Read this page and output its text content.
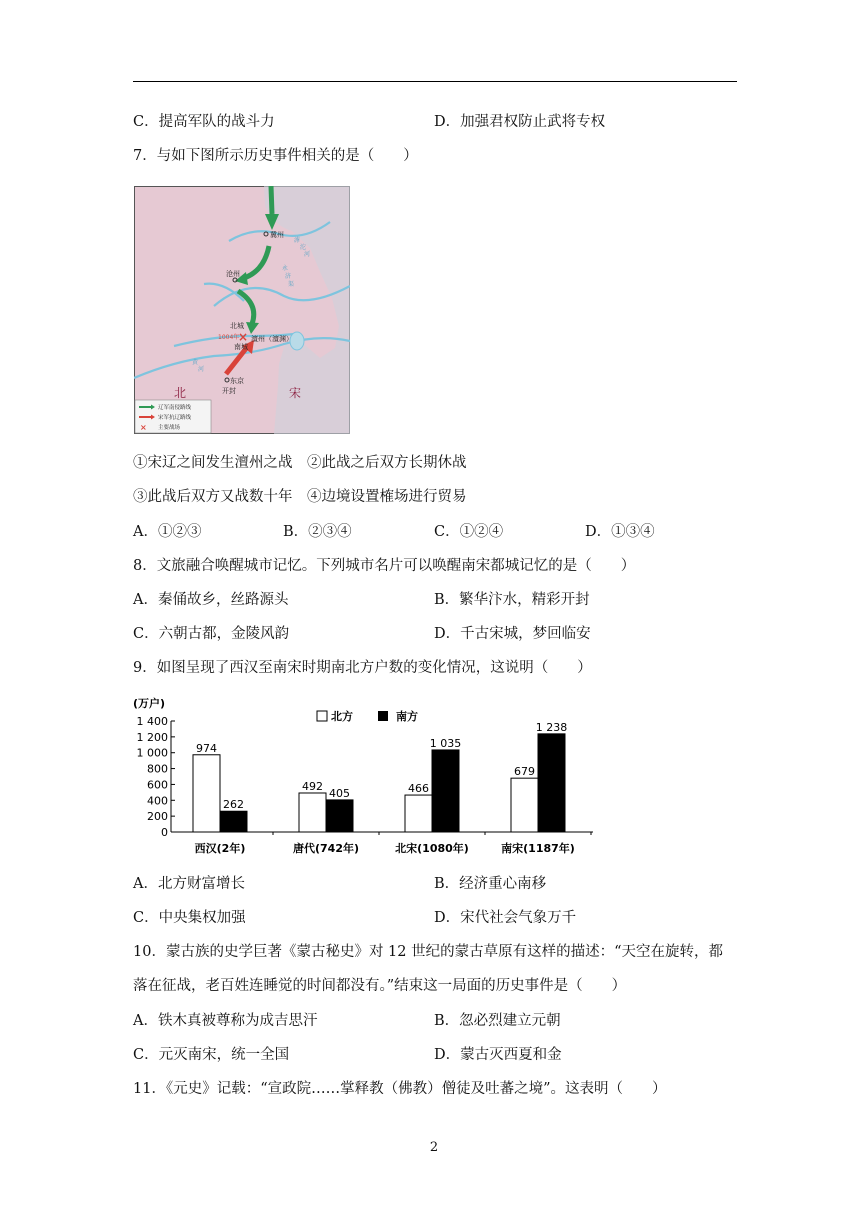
C．提高军队的战斗力	D．加强君权防止武将专权
7．与如下图所示历史事件相关的是（　　）
×
冀州
沧州
北城
南城
1004年 澶州（澶渊）
东京
开封
滹
沱
河
永
济
渠
黄
河
北	宋
辽军南侵路线
宋军抗辽路线
× 主要战场
①宋辽之间发生澶州之战　②此战之后双方长期休战
③此战后双方又战数十年　④边境设置榷场进行贸易
A．①②③	B．②③④	C．①②④	D．①③④
8．文旅融合唤醒城市记忆。下列城市名片可以唤醒南宋都城记忆的是（　　）
A．秦俑故乡，丝路源头	B．繁华汴水，精彩开封
C．六朝古都，金陵风韵	D．千古宋城，梦回临安
9．如图呈现了西汉至南宋时期南北方户数的变化情况，这说明（　　）
(万户)
0
200
400
600
800
1 000
1 200
1 400
974
262
492
405	466
1 035
679
1 238
西汉(2年)	唐代(742年)	北宋(1080年)	南宋(1187年)
北方	南方
A．北方财富增长	B．经济重心南移
C．中央集权加强	D．宋代社会气象万千
10．蒙古族的史学巨著《蒙古秘史》对 12 世纪的蒙古草原有这样的描述：“天空在旋转，都
落在征战，老百姓连睡觉的时间都没有。”结束这一局面的历史事件是（　　）
A．铁木真被尊称为成吉思汗	B．忽必烈建立元朝
C．元灭南宋，统一全国	D．蒙古灭西夏和金
11．《元史》记载：“宣政院……掌释教（佛教）僧徒及吐蕃之境”。这表明（　　）
2
